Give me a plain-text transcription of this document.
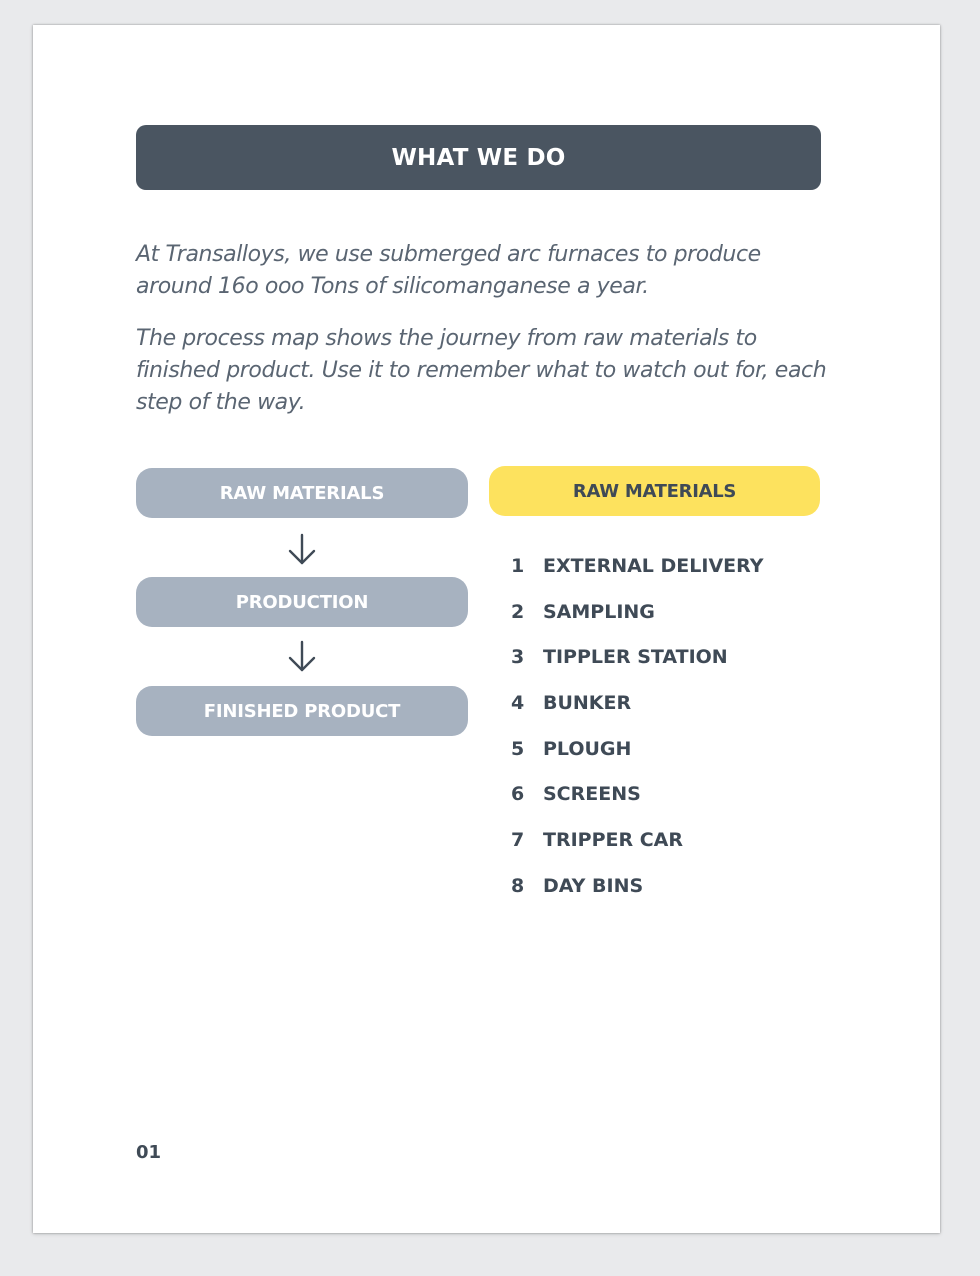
WHAT WE DO

At Transalloys, we use submerged arc furnaces to produce around 16o ooo Tons of silicomanganese a year.

The process map shows the journey from raw materials to finished product. Use it to remember what to watch out for, each step of the way.

RAW MATERIALS
PRODUCTION
FINISHED PRODUCT
RAW MATERIALS
1 EXTERNAL DELIVERY
2 SAMPLING
3 TIPPLER STATION
4 BUNKER
5 PLOUGH
6 SCREENS
7 TRIPPER CAR
8 DAY BINS
01
